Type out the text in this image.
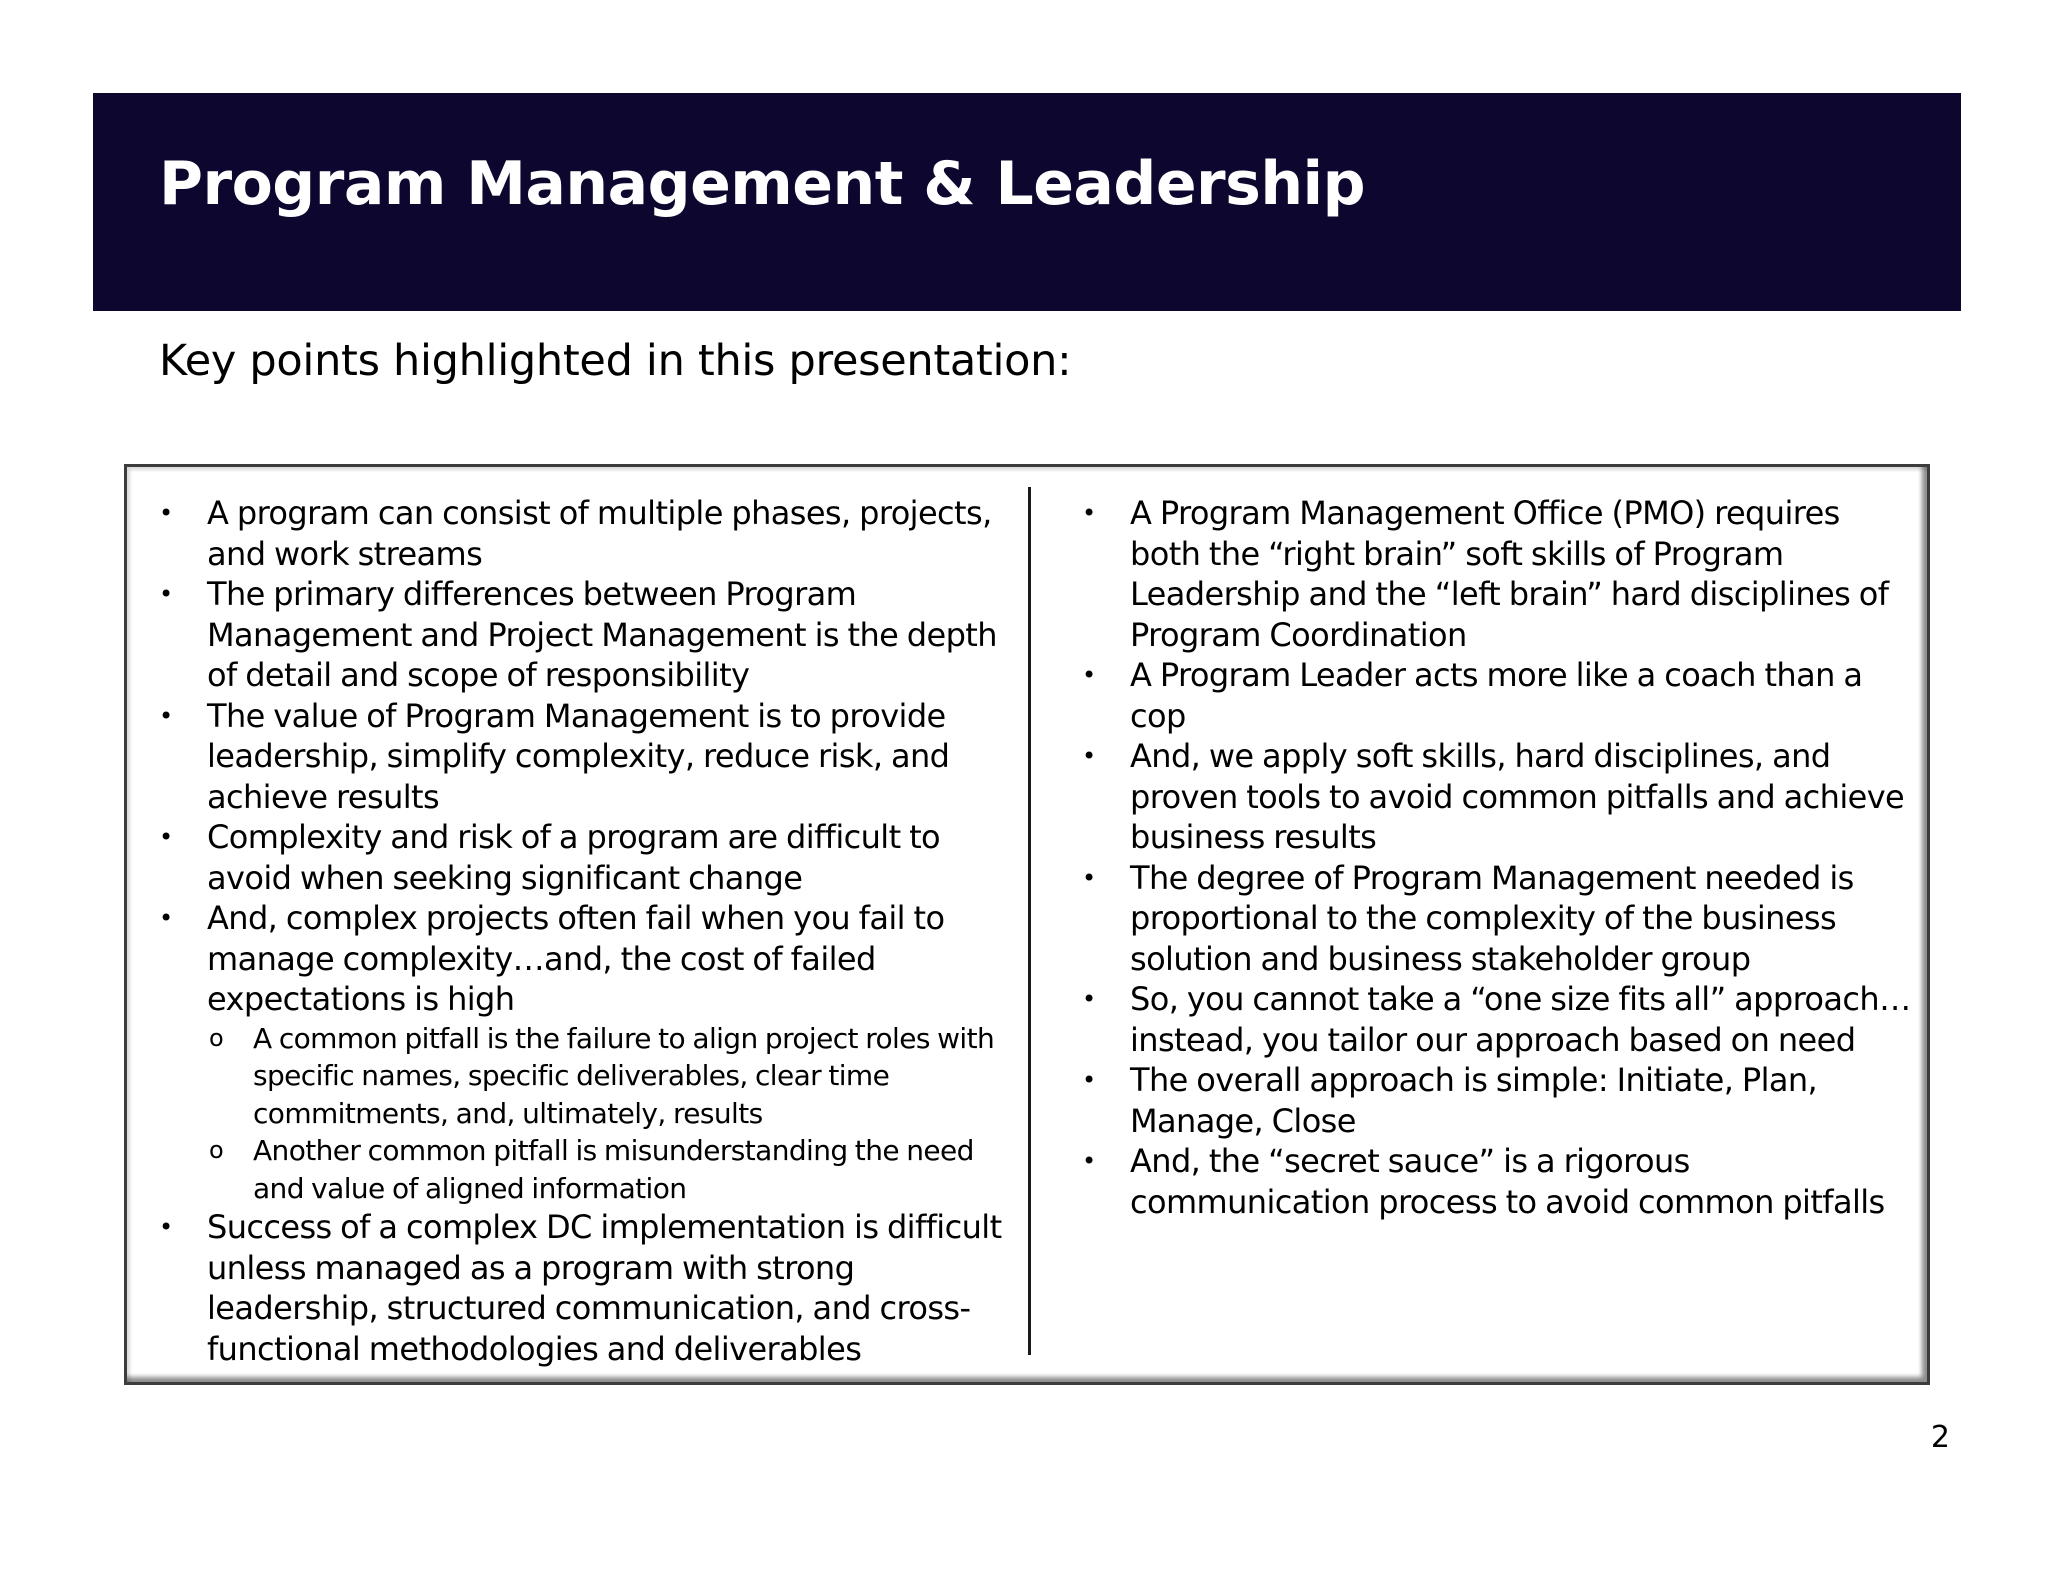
Program Management & Leadership
Key points highlighted in this presentation:
• A program can consist of multiple phases, projects, and work streams
• The primary differences between Program Management and Project Management is the depth of detail and scope of responsibility
• The value of Program Management is to provide leadership, simplify complexity, reduce risk, and achieve results
• Complexity and risk of a program are difficult to avoid when seeking significant change
• And, complex projects often fail when you fail to manage complexity…and, the cost of failed expectations is high
o A common pitfall is the failure to align project roles with specific names, specific deliverables, clear time commitments, and, ultimately, results
o Another common pitfall is misunderstanding the need and value of aligned information
• Success of a complex DC implementation is difficult unless managed as a program with strong leadership, structured communication, and cross-functional methodologies and deliverables
• A Program Management Office (PMO) requires both the “right brain” soft skills of Program Leadership and the “left brain” hard disciplines of Program Coordination
• A Program Leader acts more like a coach than a cop
• And, we apply soft skills, hard disciplines, and proven tools to avoid common pitfalls and achieve business results
• The degree of Program Management needed is proportional to the complexity of the business solution and business stakeholder group
• So, you cannot take a “one size fits all” approach… instead, you tailor our approach based on need
• The overall approach is simple: Initiate, Plan, Manage, Close
• And, the “secret sauce” is a rigorous communication process to avoid common pitfalls
2
